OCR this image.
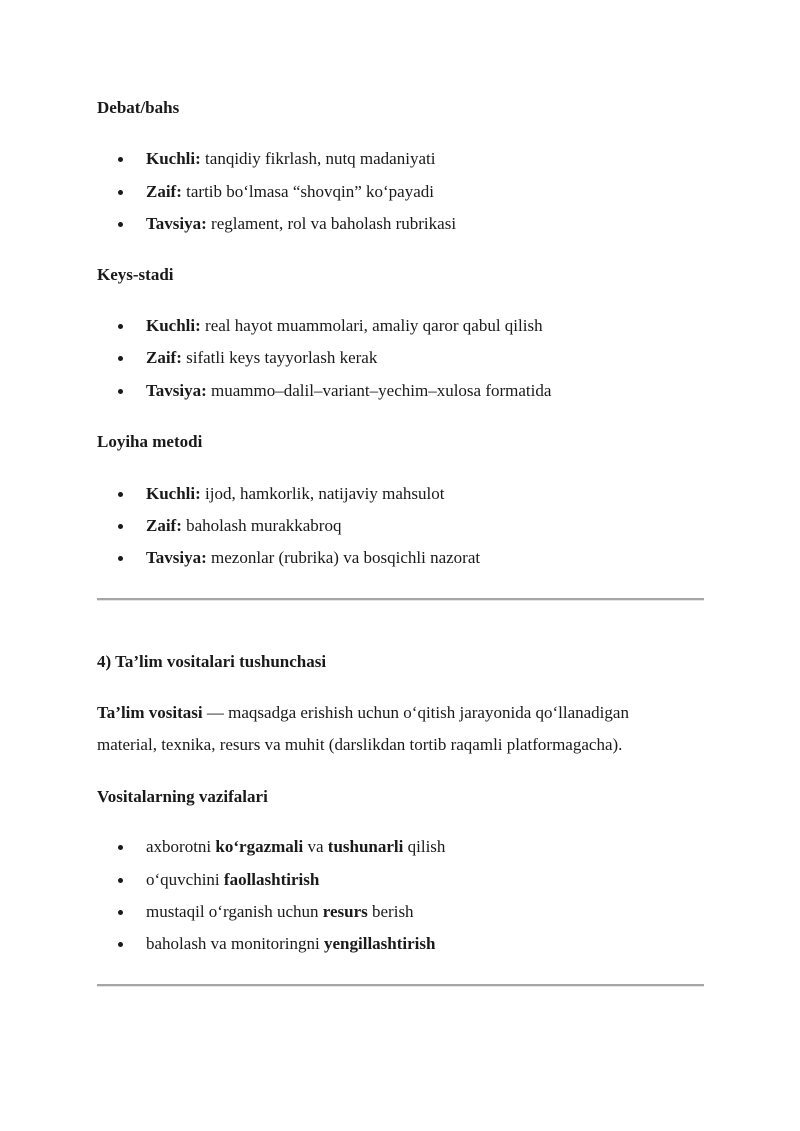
Debat/bahs
Kuchli: tanqidiy fikrlash, nutq madaniyati
Zaif: tartib bo‘lmasa “shovqin” ko‘payadi
Tavsiya: reglament, rol va baholash rubrikasi
Keys-stadi
Kuchli: real hayot muammolari, amaliy qaror qabul qilish
Zaif: sifatli keys tayyorlash kerak
Tavsiya: muammo–dalil–variant–yechim–xulosa formatida
Loyiha metodi
Kuchli: ijod, hamkorlik, natijaviy mahsulot
Zaif: baholash murakkabroq
Tavsiya: mezonlar (rubrika) va bosqichli nazorat
4) Ta’lim vositalari tushunchasi
Ta’lim vositasi — maqsadga erishish uchun o‘qitish jarayonida qo‘llanadigan
material, texnika, resurs va muhit (darslikdan tortib raqamli platformagacha).
Vositalarning vazifalari
axborotni ko‘rgazmali va tushunarli qilish
o‘quvchini faollashtirish
mustaqil o‘rganish uchun resurs berish
baholash va monitoringni yengillashtirish
